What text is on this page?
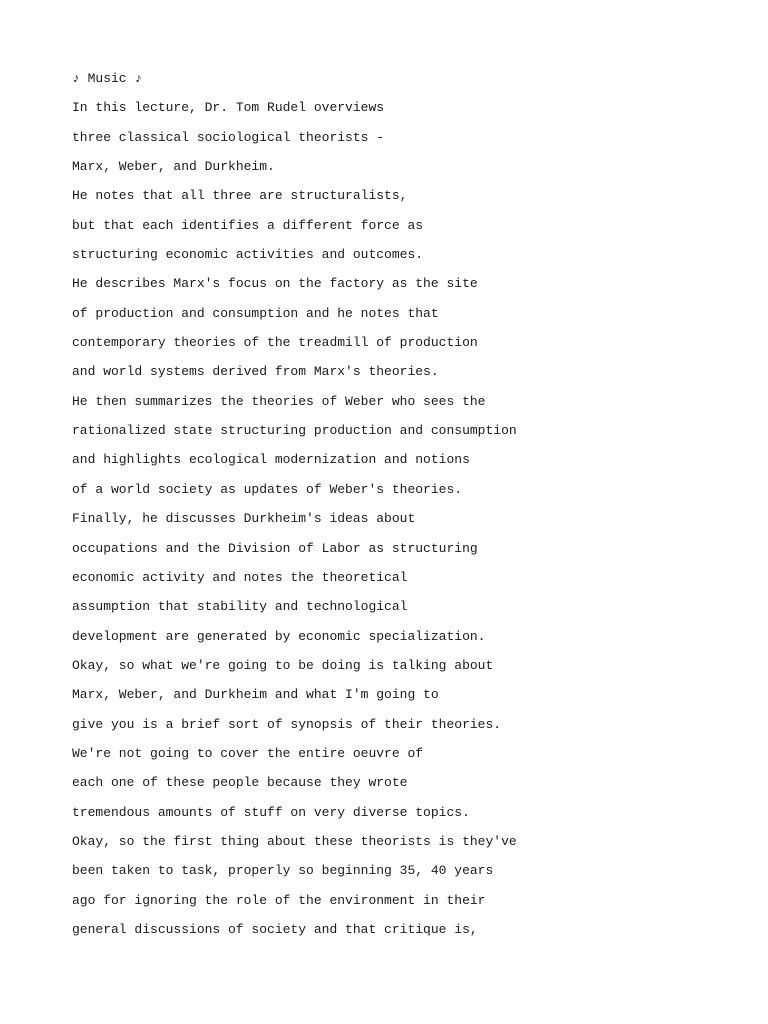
♪ Music ♪

In this lecture, Dr. Tom Rudel overviews

three classical sociological theorists -

Marx, Weber, and Durkheim.

He notes that all three are structuralists,

but that each identifies a different force as

structuring economic activities and outcomes.

He describes Marx's focus on the factory as the site

of production and consumption and he notes that

contemporary theories of the treadmill of production

and world systems derived from Marx's theories.

He then summarizes the theories of Weber who sees the

rationalized state structuring production and consumption

and highlights ecological modernization and notions

of a world society as updates of Weber's theories.

Finally, he discusses Durkheim's ideas about

occupations and the Division of Labor as structuring

economic activity and notes the theoretical

assumption that stability and technological

development are generated by economic specialization.

Okay, so what we're going to be doing is talking about

Marx, Weber, and Durkheim and what I'm going to

give you is a brief sort of synopsis of their theories.

We're not going to cover the entire oeuvre of

each one of these people because they wrote

tremendous amounts of stuff on very diverse topics.

Okay, so the first thing about these theorists is they've

been taken to task, properly so beginning 35, 40 years

ago for ignoring the role of the environment in their

general discussions of society and that critique is,
